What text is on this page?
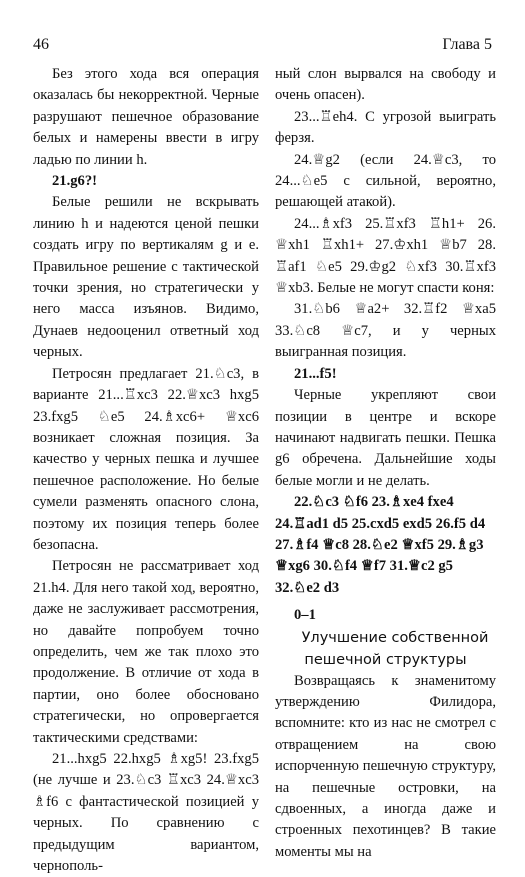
46	Глава 5

Без этого хода вся операция оказалась бы некорректной. Черные разрушают пешечное образование белых и намерены ввести в игру ладью по линии h.

21.g6?!

Белые решили не вскрывать линию h и надеются ценой пешки создать игру по вертикалям g и e. Правильное решение с тактической точки зрения, но стратегически у него масса изъянов. Видимо, Дунаев недооценил ответный ход черных.

Петросян предлагает 21.♘c3, в варианте 21...♖xc3 22.♕xc3 hxg5 23.fxg5 ♘e5 24.♗xc6+ ♕xc6 возникает сложная позиция. За качество у черных пешка и лучшее пешечное расположение. Но белые сумели разменять опасного слона, поэтому их позиция теперь более безопасна.

Петросян не рассматривает ход 21.h4. Для него такой ход, вероятно, даже не заслуживает рассмотрения, но давайте попробуем точно определить, чем же так плохо это продолжение. В отличие от хода в партии, оно более обосновано стратегически, но опровергается тактическими средствами:

21...hxg5 22.hxg5 ♗xg5! 23.fxg5 (не лучше и 23.♘c3 ♖xc3 24.♕xc3 ♗f6 с фантастической позицией у черных. По сравнению с предыдущим вариантом, чернополь-

ный слон вырвался на свободу и очень опасен).

23...♖eh4. С угрозой выиграть ферзя.

24.♕g2 (если 24.♕c3, то 24...♘e5 с сильной, вероятно, решающей атакой).

24...♗xf3 25.♖xf3 ♖h1+ 26. ♕xh1 ♖xh1+ 27.♔xh1 ♕b7 28. ♖af1 ♘e5 29.♔g2 ♘xf3 30.♖xf3 ♕xb3. Белые не могут спасти коня:

31.♘b6 ♕a2+ 32.♖f2 ♕xa5 33.♘c8 ♕c7, и у черных выигранная позиция.

21...f5!

Черные укрепляют свои позиции в центре и вскоре начинают надвигать пешки. Пешка g6 обречена. Дальнейшие ходы белые могли и не делать.

22.♘c3 ♘f6 23.♗xe4 fxe4 24.♖ad1 d5 25.cxd5 exd5 26.f5 d4 27.♗f4 ♕c8 28.♘e2 ♕xf5 29.♗g3 ♕xg6 30.♘f4 ♕f7 31.♕c2 g5 32.♘e2 d3

0–1

Улучшение собственной пешечной структуры

Возвращаясь к знаменитому утверждению Филидора, вспомните: кто из нас не смотрел с отвращением на свою испорченную пешечную структуру, на пешечные островки, на сдвоенных, а иногда даже и строенных пехотинцев? В такие моменты мы на
